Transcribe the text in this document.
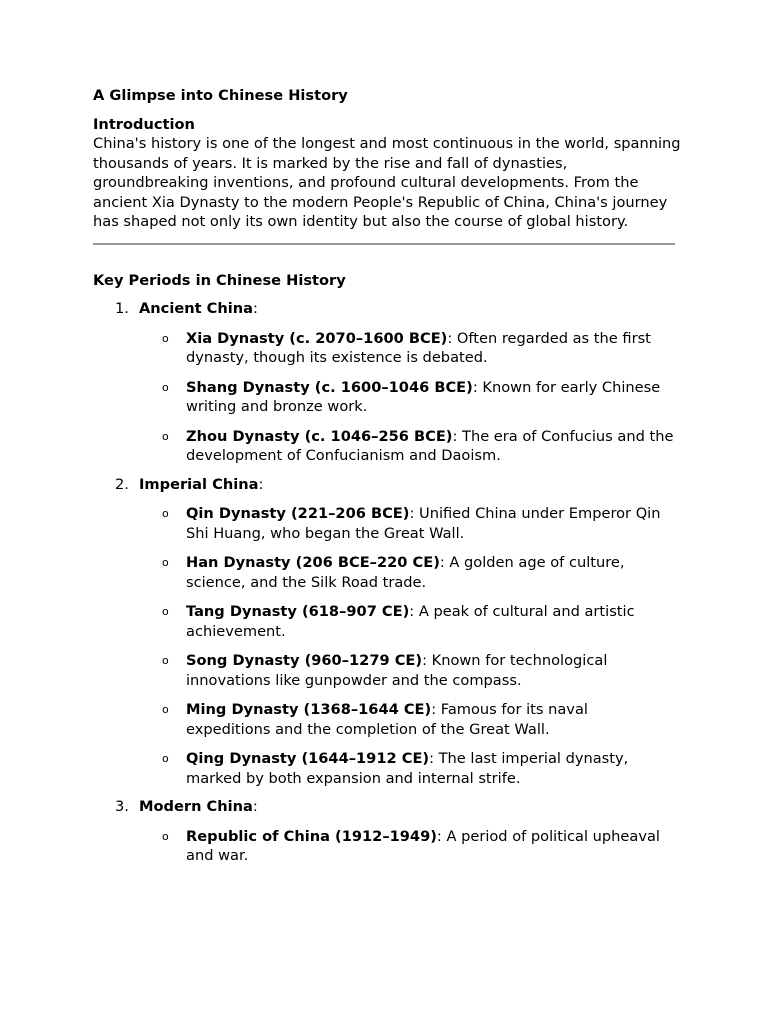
A Glimpse into Chinese History

Introduction

China's history is one of the longest and most continuous in the world, spanning thousands of years. It is marked by the rise and fall of dynasties, groundbreaking inventions, and profound cultural developments. From the ancient Xia Dynasty to the modern People's Republic of China, China's journey has shaped not only its own identity but also the course of global history.

Key Periods in Chinese History

1. Ancient China:
o Xia Dynasty (c. 2070–1600 BCE): Often regarded as the first dynasty, though its existence is debated.
o Shang Dynasty (c. 1600–1046 BCE): Known for early Chinese writing and bronze work.
o Zhou Dynasty (c. 1046–256 BCE): The era of Confucius and the development of Confucianism and Daoism.
2. Imperial China:
o Qin Dynasty (221–206 BCE): Unified China under Emperor Qin Shi Huang, who began the Great Wall.
o Han Dynasty (206 BCE–220 CE): A golden age of culture, science, and the Silk Road trade.
o Tang Dynasty (618–907 CE): A peak of cultural and artistic achievement.
o Song Dynasty (960–1279 CE): Known for technological innovations like gunpowder and the compass.
o Ming Dynasty (1368–1644 CE): Famous for its naval expeditions and the completion of the Great Wall.
o Qing Dynasty (1644–1912 CE): The last imperial dynasty, marked by both expansion and internal strife.
3. Modern China:
o Republic of China (1912–1949): A period of political upheaval and war.
